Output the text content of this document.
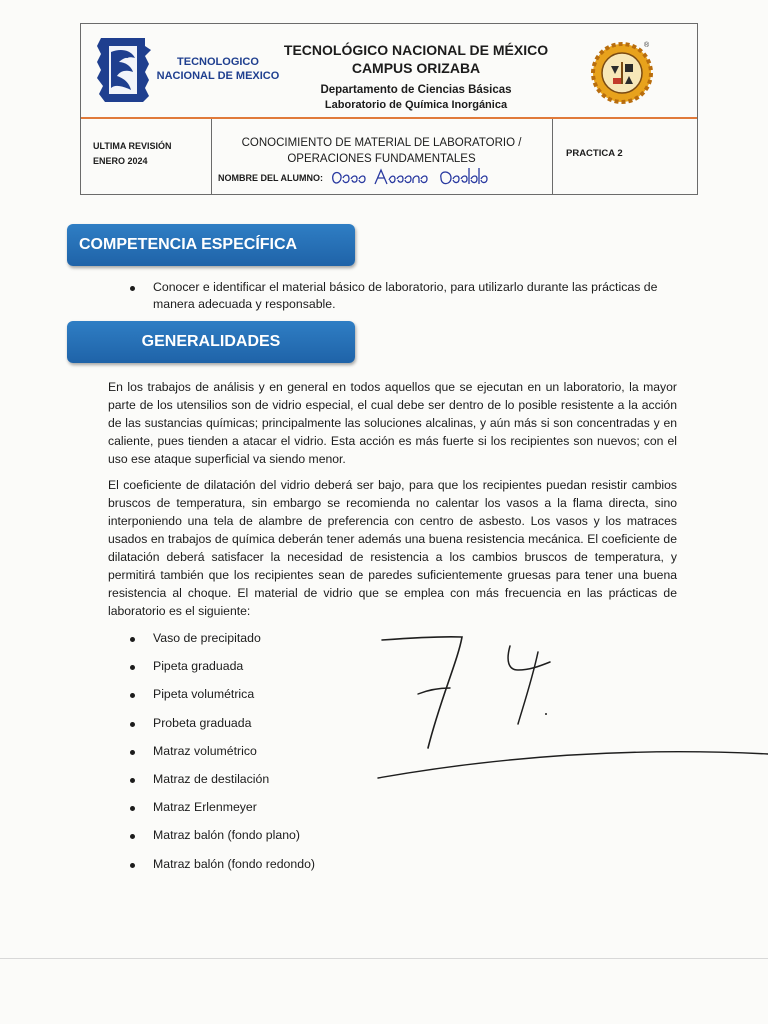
TECNOLOGICO
NACIONAL DE MEXICO
TECNOLÓGICO NACIONAL DE MÉXICO
CAMPUS ORIZABA
Departamento de Ciencias Básicas
Laboratorio de Química Inorgánica
®
ULTIMA REVISIÓN
ENERO 2024
CONOCIMIENTO DE MATERIAL DE LABORATORIO /
OPERACIONES FUNDAMENTALES
NOMBRE DEL ALUMNO:
PRACTICA 2
COMPETENCIA ESPECÍFICA
Conocer e identificar el material básico de laboratorio, para utilizarlo durante las prácticas de manera adecuada y responsable.
GENERALIDADES

En los trabajos de análisis y en general en todos aquellos que se ejecutan en un laboratorio, la mayor parte de los utensilios son de vidrio especial, el cual debe ser dentro de lo posible resistente a la acción de las sustancias químicas; principalmente las soluciones alcalinas, y aún más si son concentradas y en caliente, pues tienden a atacar el vidrio. Esta acción es más fuerte si los recipientes son nuevos; con el uso ese ataque superficial va siendo menor.

El coeficiente de dilatación del vidrio deberá ser bajo, para que los recipientes puedan resistir cambios bruscos de temperatura, sin embargo se recomienda no calentar los vasos a la flama directa, sino interponiendo una tela de alambre de preferencia con centro de asbesto. Los vasos y los matraces usados en trabajos de química deberán tener además una buena resistencia mecánica. El coeficiente de dilatación deberá satisfacer la necesidad de resistencia a los cambios bruscos de temperatura, y permitirá también que los recipientes sean de paredes suficientemente gruesas para tener una buena resistencia al choque. El material de vidrio que se emplea con más frecuencia en las prácticas de laboratorio es el siguiente:

Vaso de precipitado
Pipeta graduada
Pipeta volumétrica
Probeta graduada
Matraz volumétrico
Matraz de destilación
Matraz Erlenmeyer
Matraz balón (fondo plano)
Matraz balón (fondo redondo)
